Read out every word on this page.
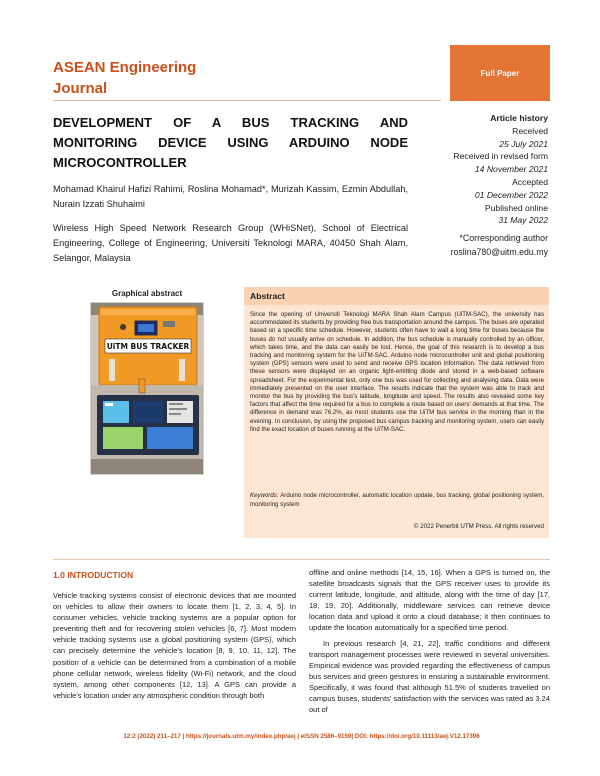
ASEAN Engineering
Journal
Full Paper
DEVELOPMENT OF A BUS TRACKING AND
MONITORING DEVICE USING ARDUINO NODE
MICROCONTROLLER
Mohamad Khairul Hafizi Rahimi, Roslina Mohamad*, Murizah Kassim, Ezmin Abdullah, Nurain Izzati Shuhaimi
Wireless High Speed Network Research Group (WHiSNet), School of Electrical Engineering, College of Engineering, Universiti Teknologi MARA, 40450 Shah Alam, Selangor, Malaysia
Article history
Received
25 July 2021
Received in revised form
14 November 2021
Accepted
01 December 2022
Published online
31 May 2022
*Corresponding author
roslina780@uitm.edu.my
Graphical abstract
UiTM BUS TRACKER
Abstract
Since the opening of Universiti Teknologi MARA Shah Alam Campus (UiTM-SAC), the university has accommodated its students by providing free bus transportation around the campus. The buses are operated based on a specific time schedule. However, students often have to wait a long time for buses because the buses do not usually arrive on schedule. In addition, the bus schedule is manually controlled by an officer, which takes time, and the data can easily be lost. Hence, the goal of this research is to develop a bus tracking and monitoring system for the UiTM-SAC. Arduino node microcontroller unit and global positioning system (GPS) sensors were used to send and receive GPS location information. The data retrieved from these sensors were displayed on an organic light-emitting diode and stored in a web-based software spreadsheet. For the experimental test, only one bus was used for collecting and analysing data. Data were immediately presented on the user interface. The results indicate that the system was able to track and monitor the bus by providing the bus's latitude, longitude and speed. The results also revealed some key factors that affect the time required for a bus to complete a route based on users' demands at that time. The difference in demand was 76.2%, as most students use the UiTM bus service in the morning than in the evening. In conclusion, by using the proposed bus campus tracking and monitoring system, users can easily find the exact location of buses running at the UiTM-SAC.
Keywords: Arduino node microcontroller, automatic location update, bus tracking, global positioning system, monitoring system
© 2022 Penerbit UTM Press. All rights reserved
1.0 INTRODUCTION

Vehicle tracking systems consist of electronic devices that are mounted on vehicles to allow their owners to locate them [1, 2, 3, 4, 5]. In consumer vehicles, vehicle tracking systems are a popular option for preventing theft and for recovering stolen vehicles [6, 7]. Most modern vehicle tracking systems use a global positioning system (GPS), which can precisely determine the vehicle's location [8, 9, 10, 11, 12]. The position of a vehicle can be determined from a combination of a mobile phone cellular network, wireless fidelity (Wi-Fi) network, and the cloud system, among other components [12, 13]. A GPS can provide a vehicle's location under any atmospheric condition through both

offline and online methods [14, 15, 16]. When a GPS is turned on, the satellite broadcasts signals that the GPS receiver uses to provide its current latitude, longitude, and altitude, along with the time of day [17, 18, 19, 20]. Additionally, middleware services can retrieve device location data and upload it onto a cloud database; it then continues to update the location automatically for a specified time period.

In previous research [4, 21, 22], traffic conditions and different transport management processes were reviewed in several universities. Empirical evidence was provided regarding the effectiveness of campus bus services and green gestures in ensuring a sustainable environment. Specifically, it was found that although 51.5% of students travelled on campus buses, students' satisfaction with the services was rated as 3.24 out of

12:2 (2022) 211–217 | https://journals.utm.my/index.php/aej | eISSN 2586–9159| DOI: https://doi.org/10.11113/aej.V12.17396
